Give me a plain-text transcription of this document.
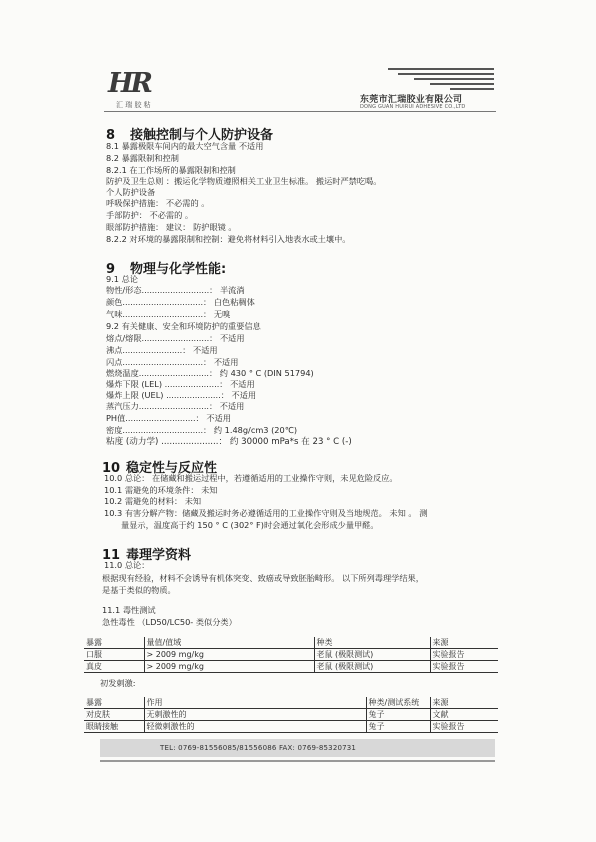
HR
汇 瑞 胶 粘	东莞市汇瑞胶业有限公司
DONG GUAN HUIRUI ADHESIVE CO.,LTD
8 接触控制与个人防护设备
8.1 暴露极限车间内的最大空气含量 不适用
8.2 暴露限制和控制
8.2.1 在工作场所的暴露限制和控制
防护及卫生总则 ：搬运化学物质遵照相关工业卫生标准。 搬运时严禁吃喝。
个人防护设备
呼吸保护措施： 不必需的 。
手部防护： 不必需的 。
眼部防护措施： 建议： 防护眼镜 。
8.2.2 对环境的暴露限制和控制：避免将材料引入地表水或土壤中。
9 物理与化学性能:
9.1 总论
物性/形态..........................： 半流淌
颜色...............................： 白色粘稠体
气味...............................： 无嗅
9.2 有关健康、安全和环境防护的重要信息
熔点/熔限..........................： 不适用
沸点.......................： 不适用
闪点...............................： 不适用
燃烧温度...........................： 约 430 ° C (DIN 51794)
爆炸下限 (LEL) .....................： 不适用
爆炸上限 (UEL) .....................： 不适用
蒸汽压力...........................： 不适用
PH值...........................： 不适用
密度...............................： 约 1.48g/cm3 (20℃)
粘度 (动力学) .....................： 约 30000 mPa*s 在 23 ° C (-)
10 稳定性与反应性
10.0 总论： 在储藏和搬运过程中，若遵循适用的工业操作守则，未见危险反应。
10.1 需避免的环境条件： 未知
10.2 需避免的材料： 未知
10.3 有害分解产物：储藏及搬运时务必遵循适用的工业操作守则及当地规范。 未知 。 测
量显示，温度高于约 150 ° C (302° F)时会通过氧化会形成少量甲醛。
11 毒理学资料
11.0 总论：
根据现有经验，材料不会诱导有机体突变、致癌或导致胚胎畸形。 以下所列毒理学结果，
是基于类似的物质。
11.1 毒性测试
急性毒性 （LD50/LC50- 类似分类）
暴露	量值/值域	种类	来源
口服	> 2009 mg/kg	老鼠 (极限测试)	实验报告
真皮	> 2009 mg/kg	老鼠 (极限测试)	实验报告
初发刺激:
暴露	作用	种类/测试系统	来源
对皮肤	无刺激性的	兔子	文献
眼睛接触	轻微刺激性的	兔子	实验报告
TEL: 0769-81556085/81556086 FAX: 0769-85320731
